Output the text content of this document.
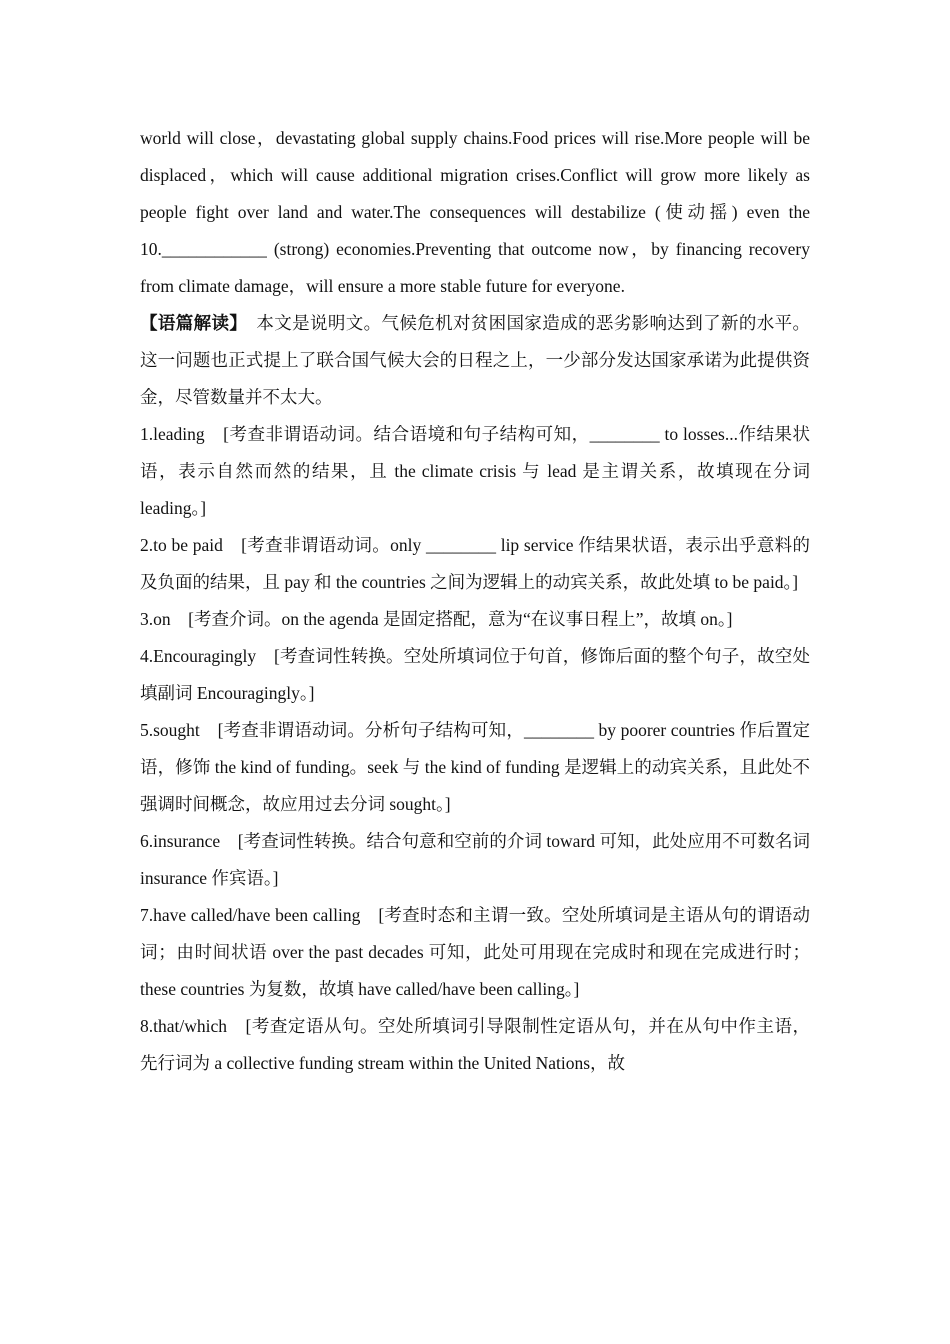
world will close，devastating global supply chains.Food prices will rise.More people will be displaced，which will cause additional migration crises.Conflict will grow more likely as people fight over land and water.The consequences will destabilize (使动摇) even the 10.____________ (strong) economies.Preventing that outcome now，by financing recovery from climate damage，will ensure a more stable future for everyone.

【语篇解读】　本文是说明文。气候危机对贫困国家造成的恶劣影响达到了新的水平。这一问题也正式提上了联合国气候大会的日程之上，一少部分发达国家承诺为此提供资金，尽管数量并不太大。

1.leading　[考查非谓语动词。结合语境和句子结构可知，________ to losses...作结果状语，表示自然而然的结果，且 the climate crisis 与 lead 是主谓关系，故填现在分词 leading。]

2.to be paid　[考查非谓语动词。only ________ lip service 作结果状语，表示出乎意料的及负面的结果，且 pay 和 the countries 之间为逻辑上的动宾关系，故此处填 to be paid。]

3.on　[考查介词。on the agenda 是固定搭配，意为“在议事日程上”，故填 on。]

4.Encouragingly　[考查词性转换。空处所填词位于句首，修饰后面的整个句子，故空处填副词 Encouragingly。]

5.sought　[考查非谓语动词。分析句子结构可知，________ by poorer countries 作后置定语，修饰 the kind of funding。seek 与 the kind of funding 是逻辑上的动宾关系，且此处不强调时间概念，故应用过去分词 sought。]

6.insurance　[考查词性转换。结合句意和空前的介词 toward 可知，此处应用不可数名词 insurance 作宾语。]

7.have called/have been calling　[考查时态和主谓一致。空处所填词是主语从句的谓语动词；由时间状语 over the past decades 可知，此处可用现在完成时和现在完成进行时；these countries 为复数，故填 have called/have been calling。]

8.that/which　[考查定语从句。空处所填词引导限制性定语从句，并在从句中作主语，先行词为 a collective funding stream within the United Nations，故
